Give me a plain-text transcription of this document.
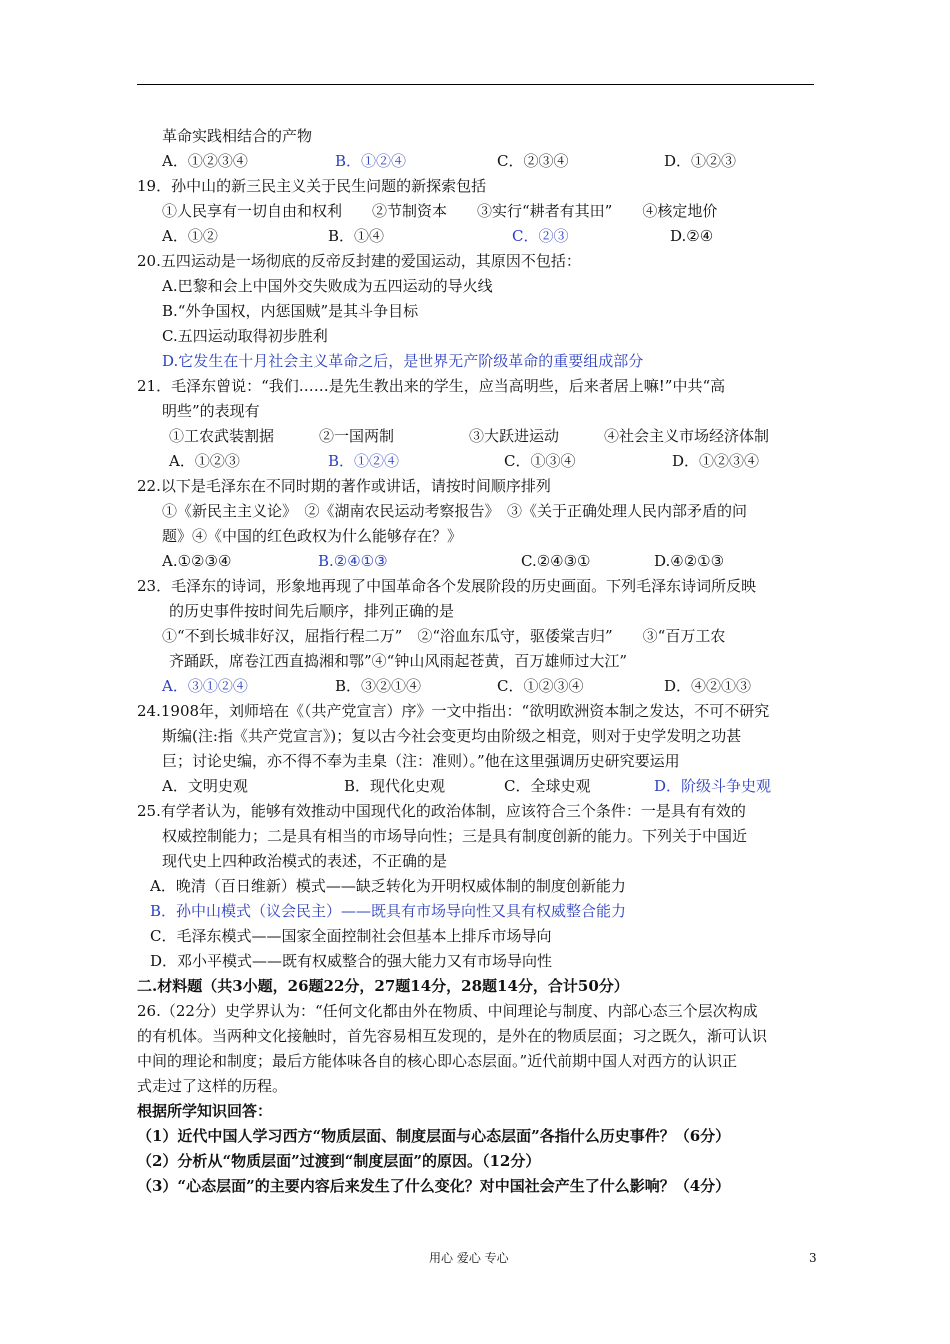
革命实践相结合的产物
A．①②③④	B．①②④	C．②③④	D．①②③
19．孙中山的新三民主义关于民生问题的新探索包括
①人民享有一切自由和权利　　②节制资本　　③实行“耕者有其田”　　④核定地价
A．①②	B．①④	C．②③	D.②④
20.五四运动是一场彻底的反帝反封建的爱国运动，其原因不包括：
A.巴黎和会上中国外交失败成为五四运动的导火线
B.“外争国权，内惩国贼”是其斗争目标
C.五四运动取得初步胜利
D.它发生在十月社会主义革命之后，是世界无产阶级革命的重要组成部分
21．毛泽东曾说：“我们……是先生教出来的学生，应当高明些，后来者居上嘛!”中共“高
明些”的表现有
①工农武装割据　　　②一国两制　　　　　③大跃进运动　　　④社会主义市场经济体制
A．①②③	B．①②④	C．①③④	D．①②③④
22.以下是毛泽东在不同时期的著作或讲话，请按时间顺序排列
①《新民主主义论》　②《湖南农民运动考察报告》　③《关于正确处理人民内部矛盾的问
题》④《中国的红色政权为什么能够存在？》
A.①②③④	B.②④①③	C.②④③①	D.④②①③
23．毛泽东的诗词，形象地再现了中国革命各个发展阶段的历史画面。下列毛泽东诗词所反映
的历史事件按时间先后顺序，排列正确的是
①“不到长城非好汉，屈指行程二万”　②“浴血东瓜守，驱倭棠吉归”　　③“百万工农
齐踊跃，席卷江西直捣湘和鄂”④“钟山风雨起苍黄，百万雄师过大江”
A．③①②④	B．③②①④	C．①②③④	D．④②①③
24.1908年，刘师培在《（共产党宣言）序》一文中指出：“欲明欧洲资本制之发达，不可不研究
斯编(注:指《共产党宣言》)；复以古今社会变更均由阶级之相竞，则对于史学发明之功甚
巨；讨论史编，亦不得不奉为圭臬（注：准则）。”他在这里强调历史研究要运用
A．文明史观	B．现代化史观	C．全球史观	D．阶级斗争史观
25.有学者认为，能够有效推动中国现代化的政治体制，应该符合三个条件：一是具有有效的
权威控制能力；二是具有相当的市场导向性；三是具有制度创新的能力。下列关于中国近
现代史上四种政治模式的表述，不正确的是
A．晚清（百日维新）模式——缺乏转化为开明权威体制的制度创新能力
B．孙中山模式（议会民主）——既具有市场导向性又具有权威整合能力
C．毛泽东模式——国家全面控制社会但基本上排斥市场导向
D．邓小平模式——既有权威整合的强大能力又有市场导向性
二.材料题（共3小题，26题22分，27题14分，28题14分，合计50分）
26.（22分）史学界认为：“任何文化都由外在物质、中间理论与制度、内部心态三个层次构成
的有机体。当两种文化接触时，首先容易相互发现的，是外在的物质层面；习之既久，渐可认识
中间的理论和制度；最后方能体味各自的核心即心态层面。”近代前期中国人对西方的认识正
式走过了这样的历程。
根据所学知识回答：
（1）近代中国人学习西方“物质层面、制度层面与心态层面”各指什么历史事件？（6分）
（2）分析从“物质层面”过渡到“制度层面”的原因。（12分）
（3）“心态层面”的主要内容后来发生了什么变化？对中国社会产生了什么影响？（4分）
用心 爱心 专心	3
